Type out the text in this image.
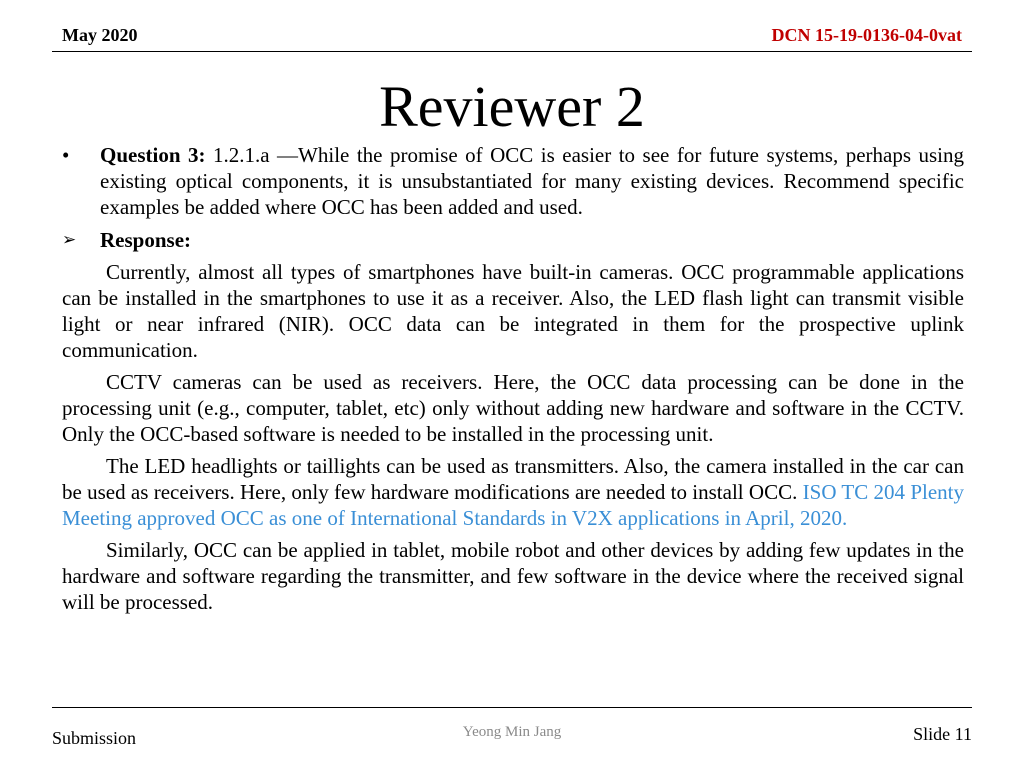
May 2020	DCN 15-19-0136-04-0vat
Reviewer 2
•	Question 3: 1.2.1.a —While the promise of OCC is easier to see for future systems, perhaps using existing optical components, it is unsubstantiated for many existing devices. Recommend specific examples be added where OCC has been added and used.
➢ Response:
Currently, almost all types of smartphones have built-in cameras. OCC programmable applications can be installed in the smartphones to use it as a receiver. Also, the LED flash light can transmit visible light or near infrared (NIR). OCC data can be integrated in them for the prospective uplink communication.
CCTV cameras can be used as receivers. Here, the OCC data processing can be done in the processing unit (e.g., computer, tablet, etc) only without adding new hardware and software in the CCTV. Only the OCC-based software is needed to be installed in the processing unit.
The LED headlights or taillights can be used as transmitters. Also, the camera installed in the car can be used as receivers. Here, only few hardware modifications are needed to install OCC. ISO TC 204 Plenty Meeting approved OCC as one of International Standards in V2X applications in April, 2020.
Similarly, OCC can be applied in tablet, mobile robot and other devices by adding few updates in the hardware and software regarding the transmitter, and few software in the device where the received signal will be processed.
Submission	Yeong Min Jang	Slide 11
